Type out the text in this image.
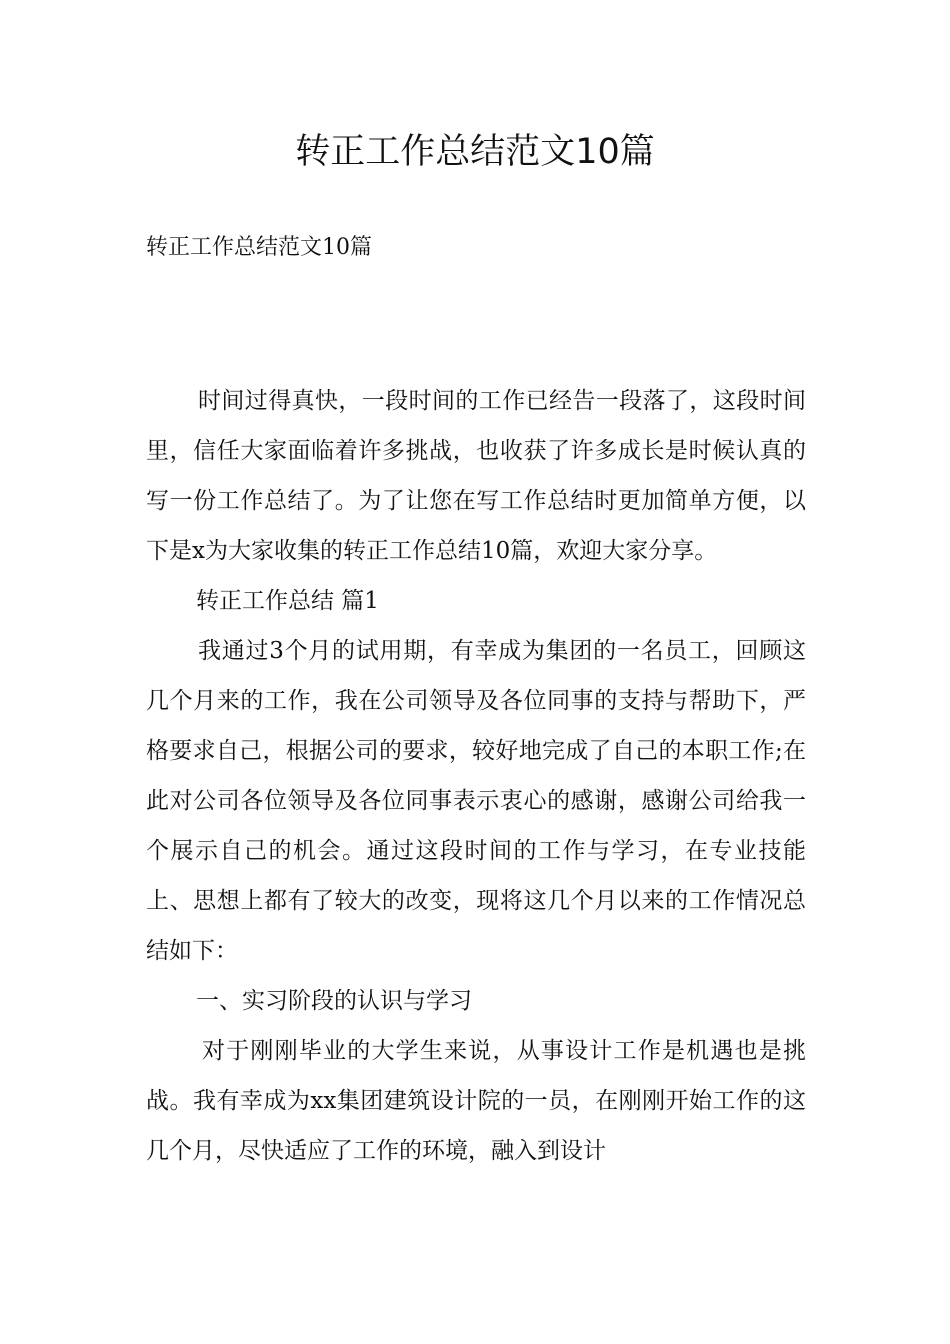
转正工作总结范文10篇

转正工作总结范文10篇

时间过得真快，一段时间的工作已经告一段落了，这段时间里，信任大家面临着许多挑战，也收获了许多成长是时候认真的写一份工作总结了。为了让您在写工作总结时更加简单方便，以下是x为大家收集的转正工作总结10篇，欢迎大家分享。

转正工作总结 篇1

我通过3个月的试用期，有幸成为集团的一名员工，回顾这几个月来的工作，我在公司领导及各位同事的支持与帮助下，严格要求自己，根据公司的要求，较好地完成了自己的本职工作;在此对公司各位领导及各位同事表示衷心的感谢，感谢公司给我一个展示自己的机会。通过这段时间的工作与学习，在专业技能上、思想上都有了较大的改变，现将这几个月以来的工作情况总结如下：

一、实习阶段的认识与学习

对于刚刚毕业的大学生来说，从事设计工作是机遇也是挑战。我有幸成为xx集团建筑设计院的一员，在刚刚开始工作的这几个月，尽快适应了工作的环境，融入到设计
